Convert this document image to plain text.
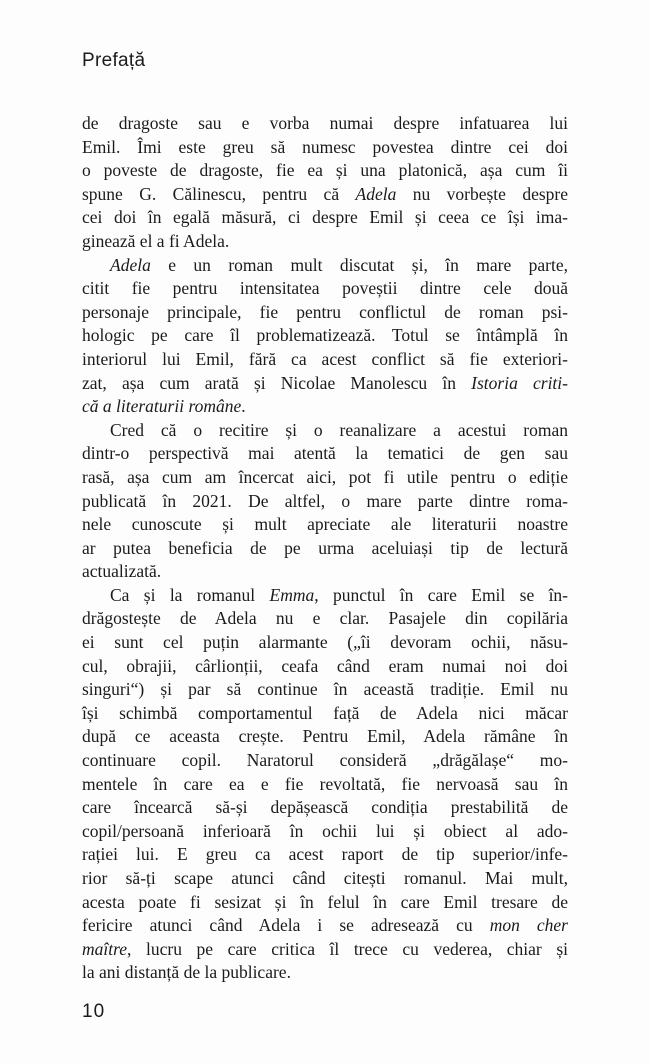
Prefață
de dragoste sau e vorba numai despre infatuarea lui
Emil. Îmi este greu să numesc povestea dintre cei doi
o poveste de dragoste, fie ea și una platonică, așa cum îi
spune G. Călinescu, pentru că Adela nu vorbește despre
cei doi în egală măsură, ci despre Emil și ceea ce își ima-
ginează el a fi Adela.
Adela e un roman mult discutat și, în mare parte,
citit fie pentru intensitatea poveștii dintre cele două
personaje principale, fie pentru conflictul de roman psi-
hologic pe care îl problematizează. Totul se întâmplă în
interiorul lui Emil, fără ca acest conflict să fie exteriori-
zat, așa cum arată și Nicolae Manolescu în Istoria criti-
că a literaturii române.
Cred că o recitire și o reanalizare a acestui roman
dintr-o perspectivă mai atentă la tematici de gen sau
rasă, așa cum am încercat aici, pot fi utile pentru o ediție
publicată în 2021. De altfel, o mare parte dintre roma-
nele cunoscute și mult apreciate ale literaturii noastre
ar putea beneficia de pe urma aceluiași tip de lectură
actualizată.
Ca și la romanul Emma, punctul în care Emil se în-
drăgostește de Adela nu e clar. Pasajele din copilăria
ei sunt cel puțin alarmante („îi devoram ochii, năsu-
cul, obrajii, cârlionții, ceafa când eram numai noi doi
singuri“) și par să continue în această tradiție. Emil nu
își schimbă comportamentul față de Adela nici măcar
după ce aceasta crește. Pentru Emil, Adela rămâne în
continuare copil. Naratorul consideră „drăgălașe“ mo-
mentele în care ea e fie revoltată, fie nervoasă sau în
care încearcă să-și depășească condiția prestabilită de
copil/persoană inferioară în ochii lui și obiect al ado-
rației lui. E greu ca acest raport de tip superior/infe-
rior să-ți scape atunci când citești romanul. Mai mult,
acesta poate fi sesizat și în felul în care Emil tresare de
fericire atunci când Adela i se adresează cu mon cher
maître, lucru pe care critica îl trece cu vederea, chiar și
la ani distanță de la publicare.
10
